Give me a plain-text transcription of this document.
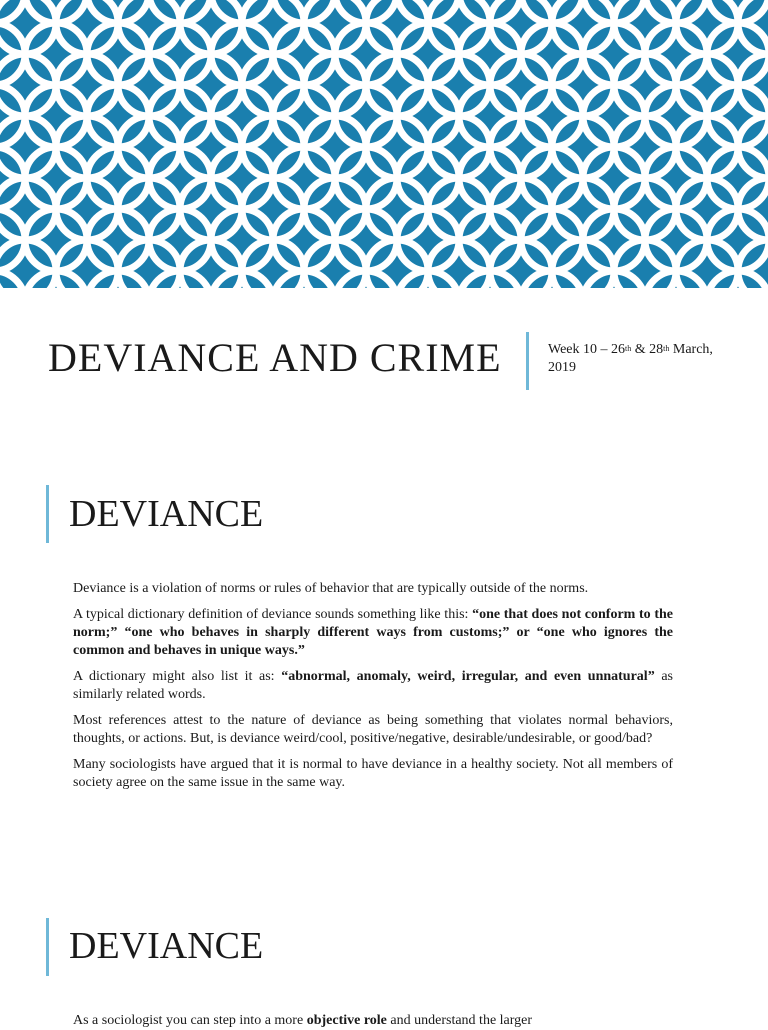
DEVIANCE AND CRIME	Week 10 – 26th & 28th March, 2019
DEVIANCE

Deviance is a violation of norms or rules of behavior that are typically outside of the norms.

A typical dictionary definition of deviance sounds something like this: “one that does not conform to the norm;” “one who behaves in sharply different ways from customs;” or “one who ignores the common and behaves in unique ways.”

A dictionary might also list it as: “abnormal, anomaly, weird, irregular, and even unnatural” as similarly related words.

Most references attest to the nature of deviance as being something that violates normal behaviors, thoughts, or actions. But, is deviance weird/cool, positive/negative, desirable/undesirable, or good/bad?

Many sociologists have argued that it is normal to have deviance in a healthy society. Not all members of society agree on the same issue in the same way.

DEVIANCE
As a sociologist you can step into a more objective role and understand the larger
